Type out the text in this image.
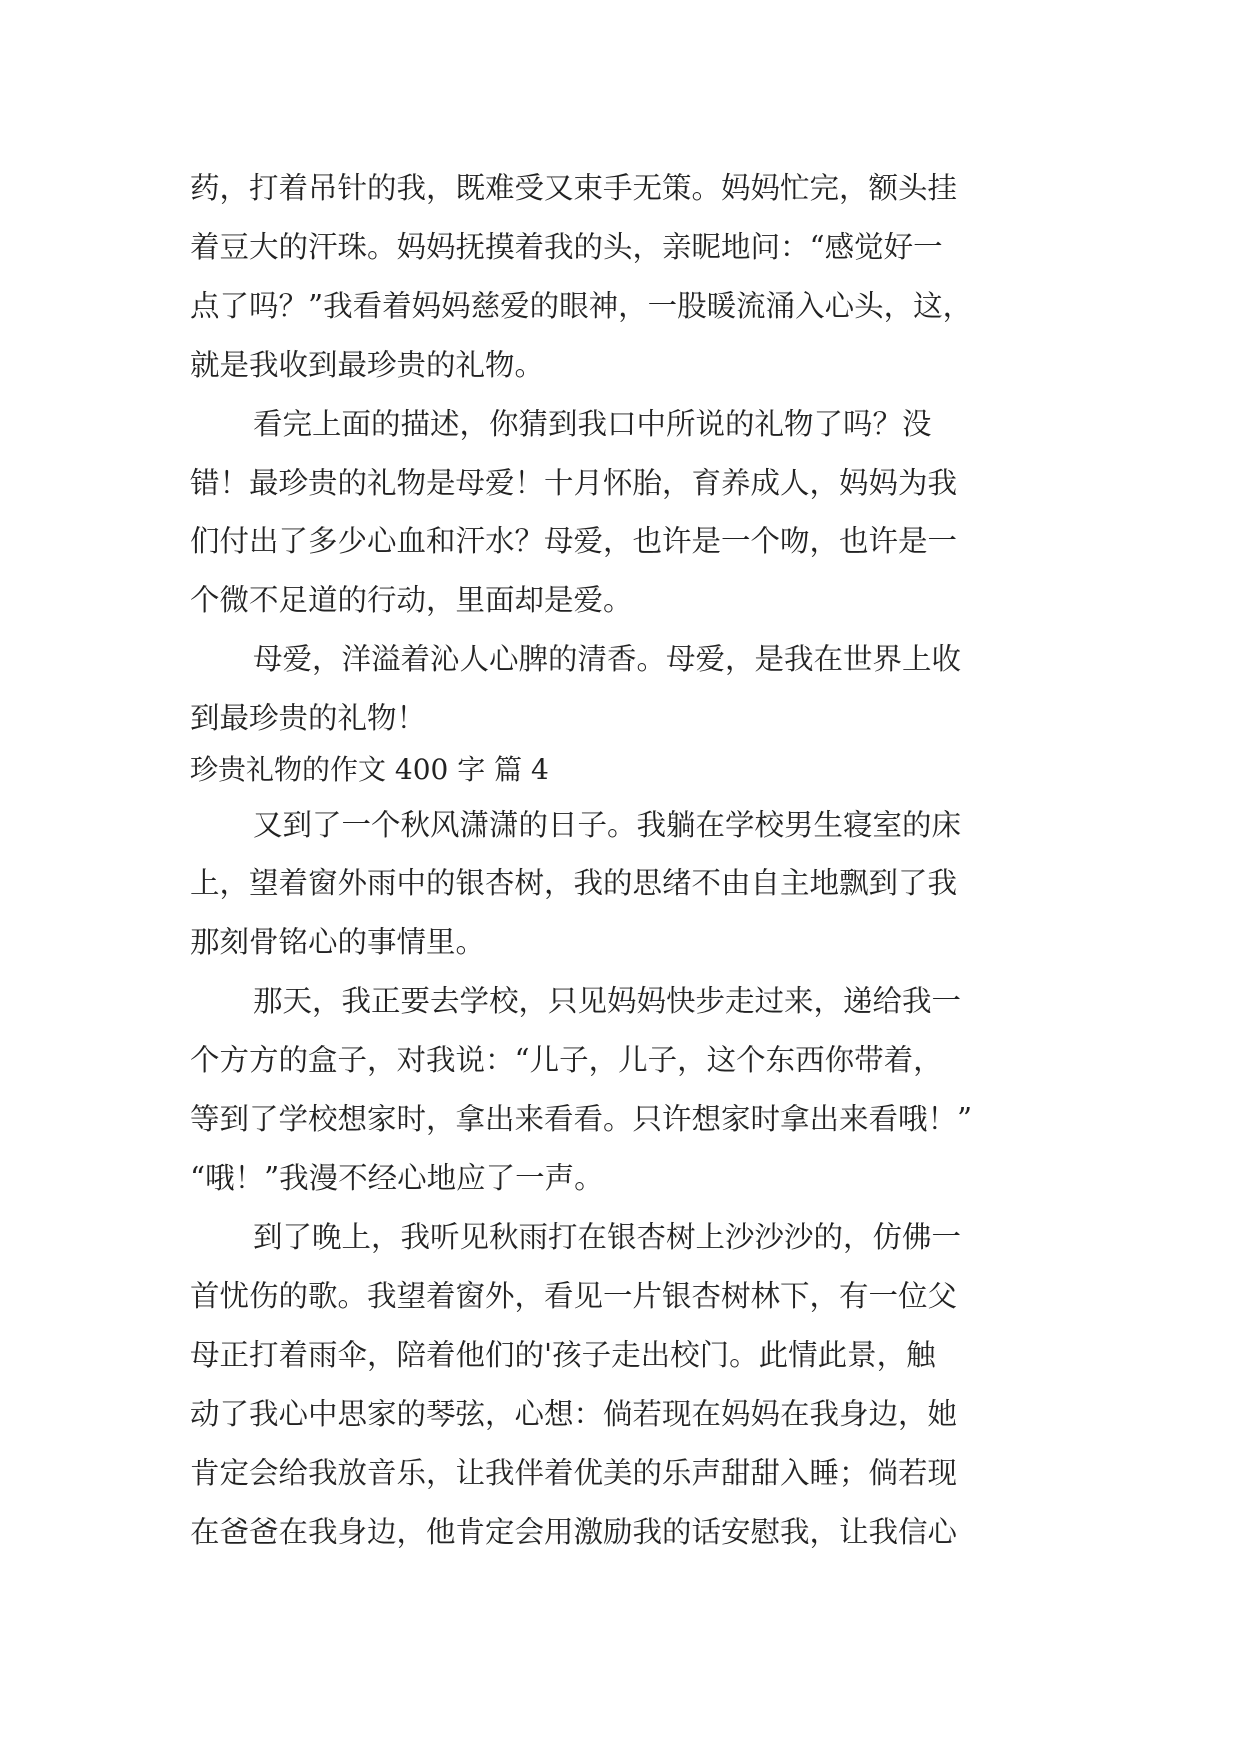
药，打着吊针的我，既难受又束手无策。妈妈忙完，额头挂

着豆大的汗珠。妈妈抚摸着我的头，亲昵地问：“感觉好一

点了吗？”我看着妈妈慈爱的眼神，一股暖流涌入心头，这，

就是我收到最珍贵的礼物。

看完上面的描述，你猜到我口中所说的礼物了吗？没

错！最珍贵的礼物是母爱！十月怀胎，育养成人，妈妈为我

们付出了多少心血和汗水？母爱，也许是一个吻，也许是一

个微不足道的行动，里面却是爱。

母爱，洋溢着沁人心脾的清香。母爱，是我在世界上收

到最珍贵的礼物！

珍贵礼物的作文 400 字 篇 4

又到了一个秋风潇潇的日子。我躺在学校男生寝室的床

上，望着窗外雨中的银杏树，我的思绪不由自主地飘到了我

那刻骨铭心的事情里。

那天，我正要去学校，只见妈妈快步走过来，递给我一

个方方的盒子，对我说：“儿子，儿子，这个东西你带着，

等到了学校想家时，拿出来看看。只许想家时拿出来看哦！”

“哦！”我漫不经心地应了一声。

到了晚上，我听见秋雨打在银杏树上沙沙沙的，仿佛一

首忧伤的歌。我望着窗外，看见一片银杏树林下，有一位父

母正打着雨伞，陪着他们的'孩子走出校门。此情此景，触

动了我心中思家的琴弦，心想：倘若现在妈妈在我身边，她

肯定会给我放音乐，让我伴着优美的乐声甜甜入睡；倘若现

在爸爸在我身边，他肯定会用激励我的话安慰我，让我信心
